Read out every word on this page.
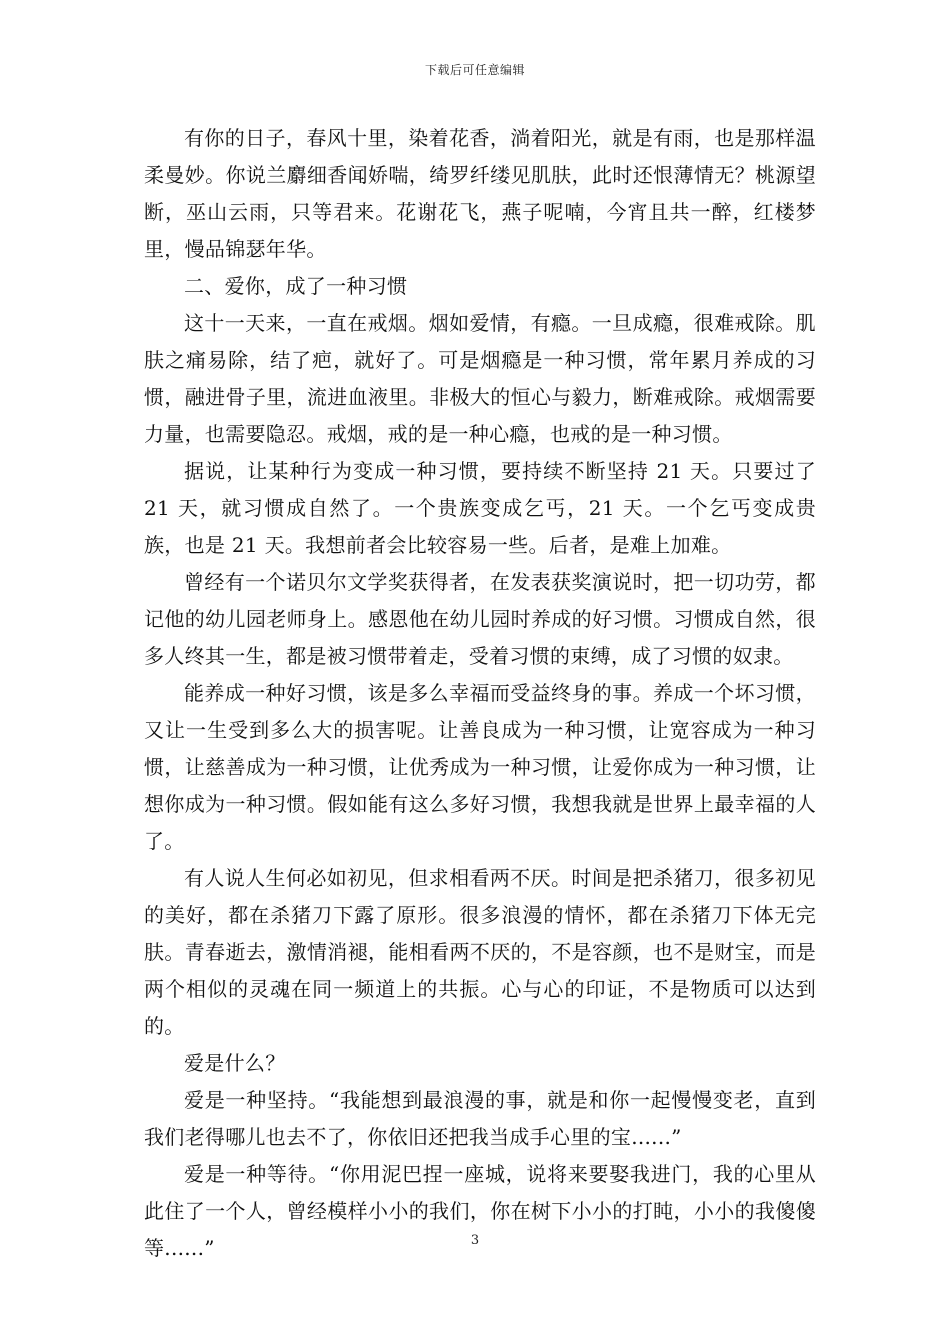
下载后可任意编辑

有你的日子，春风十里，染着花香，淌着阳光，就是有雨，也是那样温柔曼妙。你说兰麝细香闻娇喘，绮罗纤缕见肌肤，此时还恨薄情无？桃源望断，巫山云雨，只等君来。花谢花飞，燕子呢喃，今宵且共一醉，红楼梦里，慢品锦瑟年华。

二、爱你，成了一种习惯

这十一天来，一直在戒烟。烟如爱情，有瘾。一旦成瘾，很难戒除。肌肤之痛易除，结了疤，就好了。可是烟瘾是一种习惯，常年累月养成的习惯，融进骨子里，流进血液里。非极大的恒心与毅力，断难戒除。戒烟需要力量，也需要隐忍。戒烟，戒的是一种心瘾，也戒的是一种习惯。

据说，让某种行为变成一种习惯，要持续不断坚持 21 天。只要过了 21 天，就习惯成自然了。一个贵族变成乞丐，21 天。一个乞丐变成贵族，也是 21 天。我想前者会比较容易一些。后者，是难上加难。

曾经有一个诺贝尔文学奖获得者，在发表获奖演说时，把一切功劳，都记他的幼儿园老师身上。感恩他在幼儿园时养成的好习惯。习惯成自然，很多人终其一生，都是被习惯带着走，受着习惯的束缚，成了习惯的奴隶。

能养成一种好习惯，该是多么幸福而受益终身的事。养成一个坏习惯，又让一生受到多么大的损害呢。让善良成为一种习惯，让宽容成为一种习惯，让慈善成为一种习惯，让优秀成为一种习惯，让爱你成为一种习惯，让想你成为一种习惯。假如能有这么多好习惯，我想我就是世界上最幸福的人了。

有人说人生何必如初见，但求相看两不厌。时间是把杀猪刀，很多初见的美好，都在杀猪刀下露了原形。很多浪漫的情怀，都在杀猪刀下体无完肤。青春逝去，激情消褪，能相看两不厌的，不是容颜，也不是财宝，而是两个相似的灵魂在同一频道上的共振。心与心的印证，不是物质可以达到的。

爱是什么？

爱是一种坚持。“我能想到最浪漫的事，就是和你一起慢慢变老，直到我们老得哪儿也去不了，你依旧还把我当成手心里的宝......”

爱是一种等待。“你用泥巴捏一座城，说将来要娶我进门，我的心里从此住了一个人，曾经模样小小的我们，你在树下小小的打盹，小小的我傻傻等......”	3
